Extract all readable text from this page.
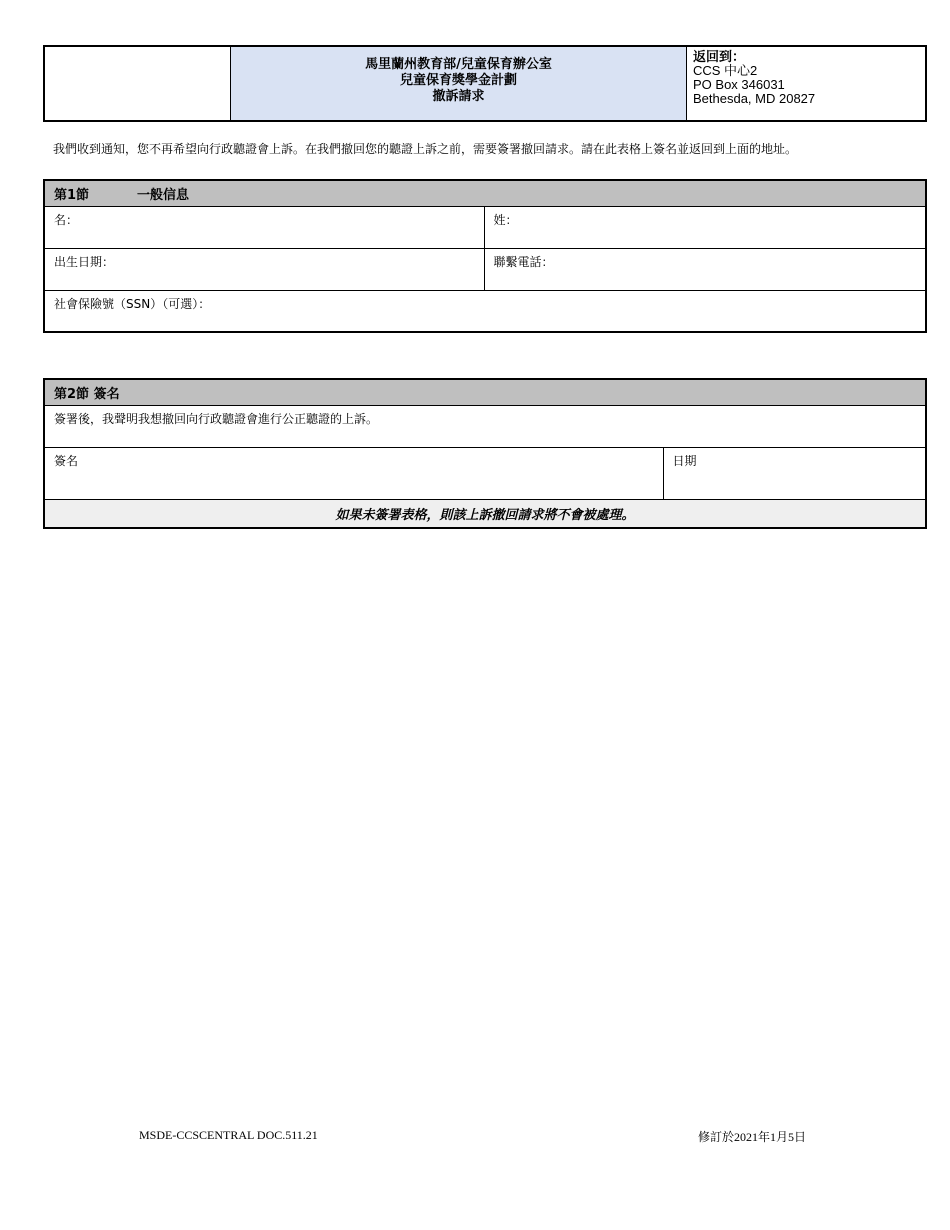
馬里蘭州教育部/兒童保育辦公室
兒童保育獎學金計劃
撤訴請求

返回到：
CCS 中心2
PO Box 346031
Bethesda, MD 20827
我們收到通知，您不再希望向行政聽證會上訴。在我們撤回您的聽證上訴之前，需要簽署撤回請求。請在此表格上簽名並返回到上面的地址。
第1節 一般信息	
名：	姓：
出生日期：	聯繫電話：
社會保險號（SSN）（可選）：	
第2節 簽名
簽署後，我聲明我想撤回向行政聽證會進行公正聽證的上訴。
簽名	日期
如果未簽署表格，則該上訴撤回請求將不會被處理。
MSDE-CCSCENTRAL DOC.511.21	修訂於2021年1月5日
